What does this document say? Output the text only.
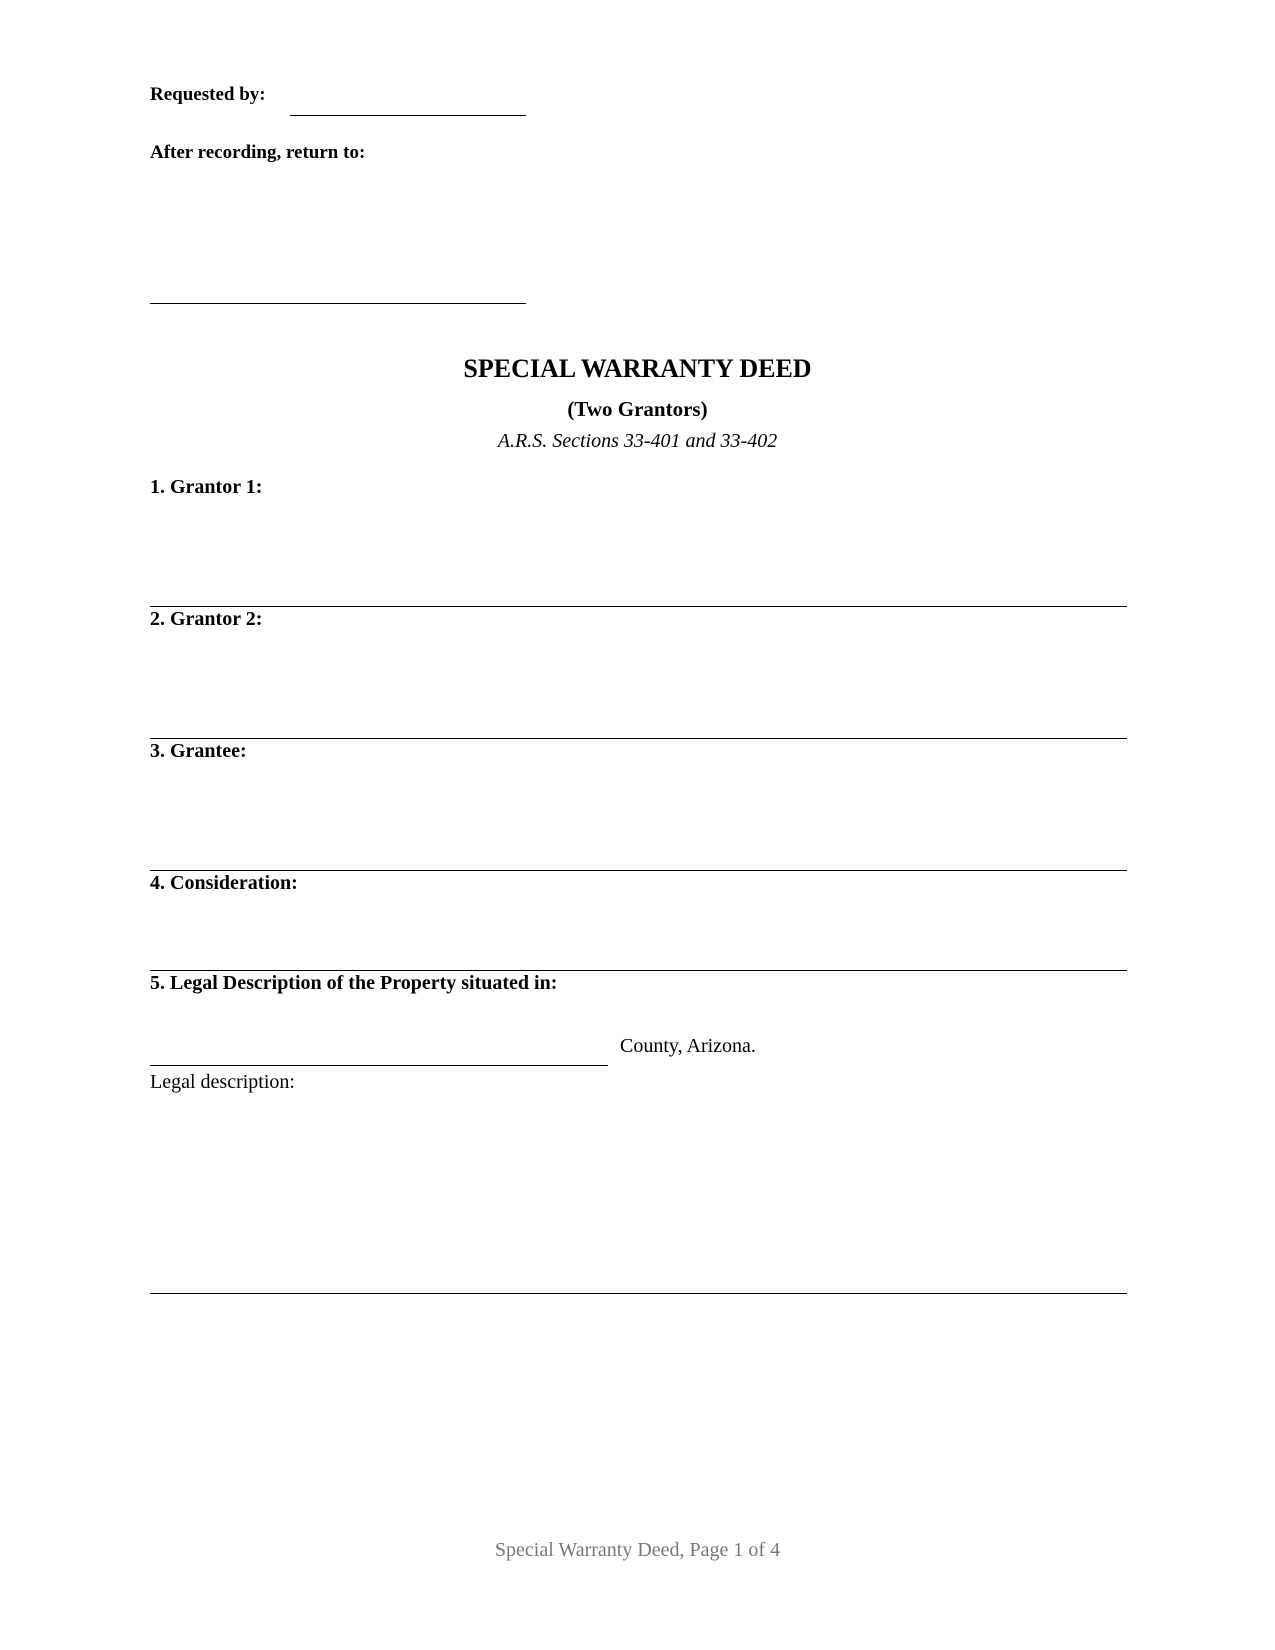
Requested by:
After recording, return to:
SPECIAL WARRANTY DEED
(Two Grantors)
A.R.S. Sections 33-401 and 33-402
1. Grantor 1:
2. Grantor 2:
3. Grantee:
4. Consideration:
5. Legal Description of the Property situated in:
County, Arizona.
Legal description:
Special Warranty Deed, Page 1 of 4
